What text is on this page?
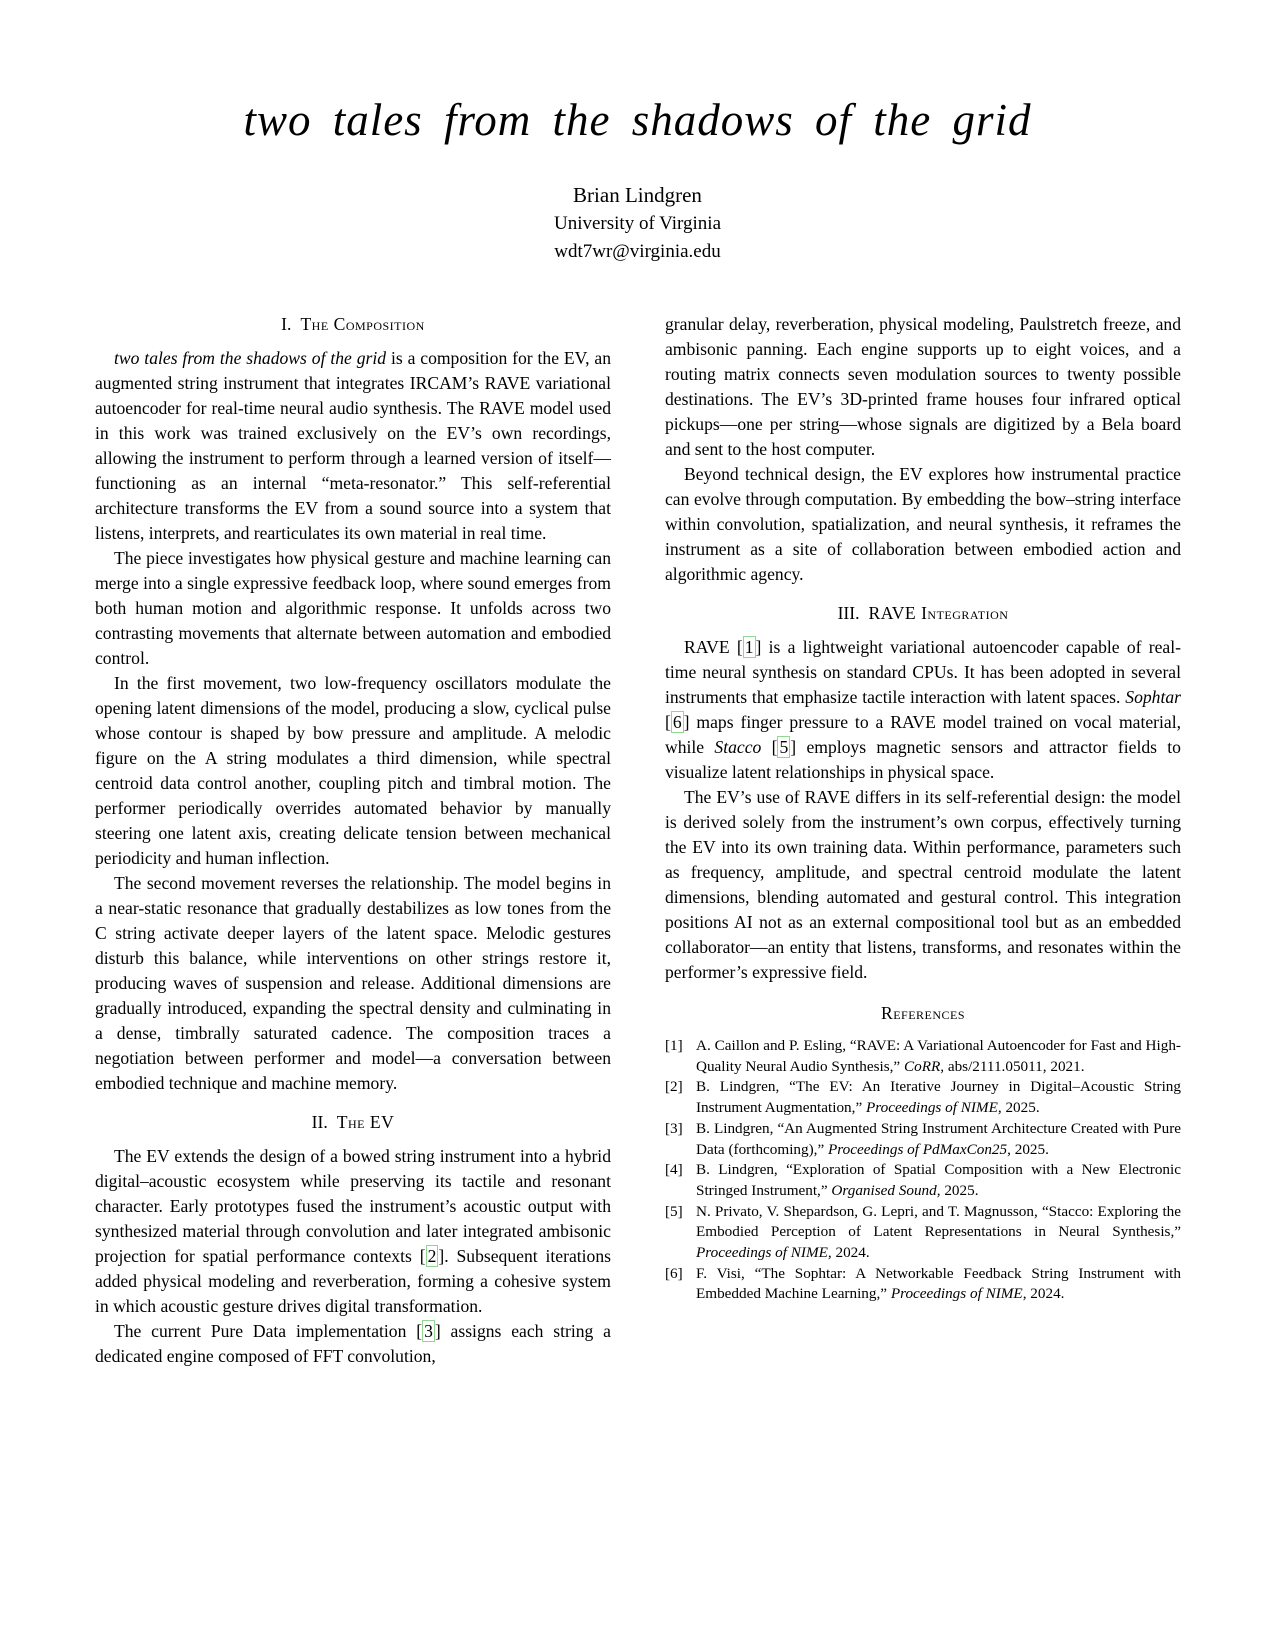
two tales from the shadows of the grid
Brian Lindgren
University of Virginia
wdt7wr@virginia.edu

I. The Composition

two tales from the shadows of the grid is a composition for the EV, an augmented string instrument that integrates IRCAM’s RAVE variational autoencoder for real-time neural audio synthesis. The RAVE model used in this work was trained exclusively on the EV’s own recordings, allowing the instrument to perform through a learned version of itself—functioning as an internal “meta-resonator.” This self-referential architecture transforms the EV from a sound source into a system that listens, interprets, and rearticulates its own material in real time.

The piece investigates how physical gesture and machine learning can merge into a single expressive feedback loop, where sound emerges from both human motion and algorithmic response. It unfolds across two contrasting movements that alternate between automation and embodied control.

In the first movement, two low-frequency oscillators modulate the opening latent dimensions of the model, producing a slow, cyclical pulse whose contour is shaped by bow pressure and amplitude. A melodic figure on the A string modulates a third dimension, while spectral centroid data control another, coupling pitch and timbral motion. The performer periodically overrides automated behavior by manually steering one latent axis, creating delicate tension between mechanical periodicity and human inflection.

The second movement reverses the relationship. The model begins in a near-static resonance that gradually destabilizes as low tones from the C string activate deeper layers of the latent space. Melodic gestures disturb this balance, while interventions on other strings restore it, producing waves of suspension and release. Additional dimensions are gradually introduced, expanding the spectral density and culminating in a dense, timbrally saturated cadence. The composition traces a negotiation between performer and model—a conversation between embodied technique and machine memory.

II. The EV

The EV extends the design of a bowed string instrument into a hybrid digital–acoustic ecosystem while preserving its tactile and resonant character. Early prototypes fused the instrument’s acoustic output with synthesized material through convolution and later integrated ambisonic projection for spatial performance contexts [ 2 ]. Subsequent iterations added physical modeling and reverberation, forming a cohesive system in which acoustic gesture drives digital transformation.

The current Pure Data implementation [ 3 ] assigns each string a dedicated engine composed of FFT convolution,

granular delay, reverberation, physical modeling, Paulstretch freeze, and ambisonic panning. Each engine supports up to eight voices, and a routing matrix connects seven modulation sources to twenty possible destinations. The EV’s 3D-printed frame houses four infrared optical pickups—one per string—whose signals are digitized by a Bela board and sent to the host computer.

Beyond technical design, the EV explores how instrumental practice can evolve through computation. By embedding the bow–string interface within convolution, spatialization, and neural synthesis, it reframes the instrument as a site of collaboration between embodied action and algorithmic agency.

III. RAVE Integration

RAVE [ 1 ] is a lightweight variational autoencoder capable of real-time neural synthesis on standard CPUs. It has been adopted in several instruments that emphasize tactile interaction with latent spaces. Sophtar [ 6 ] maps finger pressure to a RAVE model trained on vocal material, while Stacco [ 5 ] employs magnetic sensors and attractor fields to visualize latent relationships in physical space.

The EV’s use of RAVE differs in its self-referential design: the model is derived solely from the instrument’s own corpus, effectively turning the EV into its own training data. Within performance, parameters such as frequency, amplitude, and spectral centroid modulate the latent dimensions, blending automated and gestural control. This integration positions AI not as an external compositional tool but as an embedded collaborator—an entity that listens, transforms, and resonates within the performer’s expressive field.

References

[1] A. Caillon and P. Esling, “RAVE: A Variational Autoencoder for Fast and High-Quality Neural Audio Synthesis,” CoRR, abs/2111.05011, 2021.

[2] B. Lindgren, “The EV: An Iterative Journey in Digital–Acoustic String Instrument Augmentation,” Proceedings of NIME, 2025.

[3] B. Lindgren, “An Augmented String Instrument Architecture Created with Pure Data (forthcoming),” Proceedings of PdMaxCon25, 2025.

[4] B. Lindgren, “Exploration of Spatial Composition with a New Electronic Stringed Instrument,” Organised Sound, 2025.

[5] N. Privato, V. Shepardson, G. Lepri, and T. Magnusson, “Stacco: Exploring the Embodied Perception of Latent Representations in Neural Synthesis,” Proceedings of NIME, 2024.

[6] F. Visi, “The Sophtar: A Networkable Feedback String Instrument with Embedded Machine Learning,” Proceedings of NIME, 2024.
